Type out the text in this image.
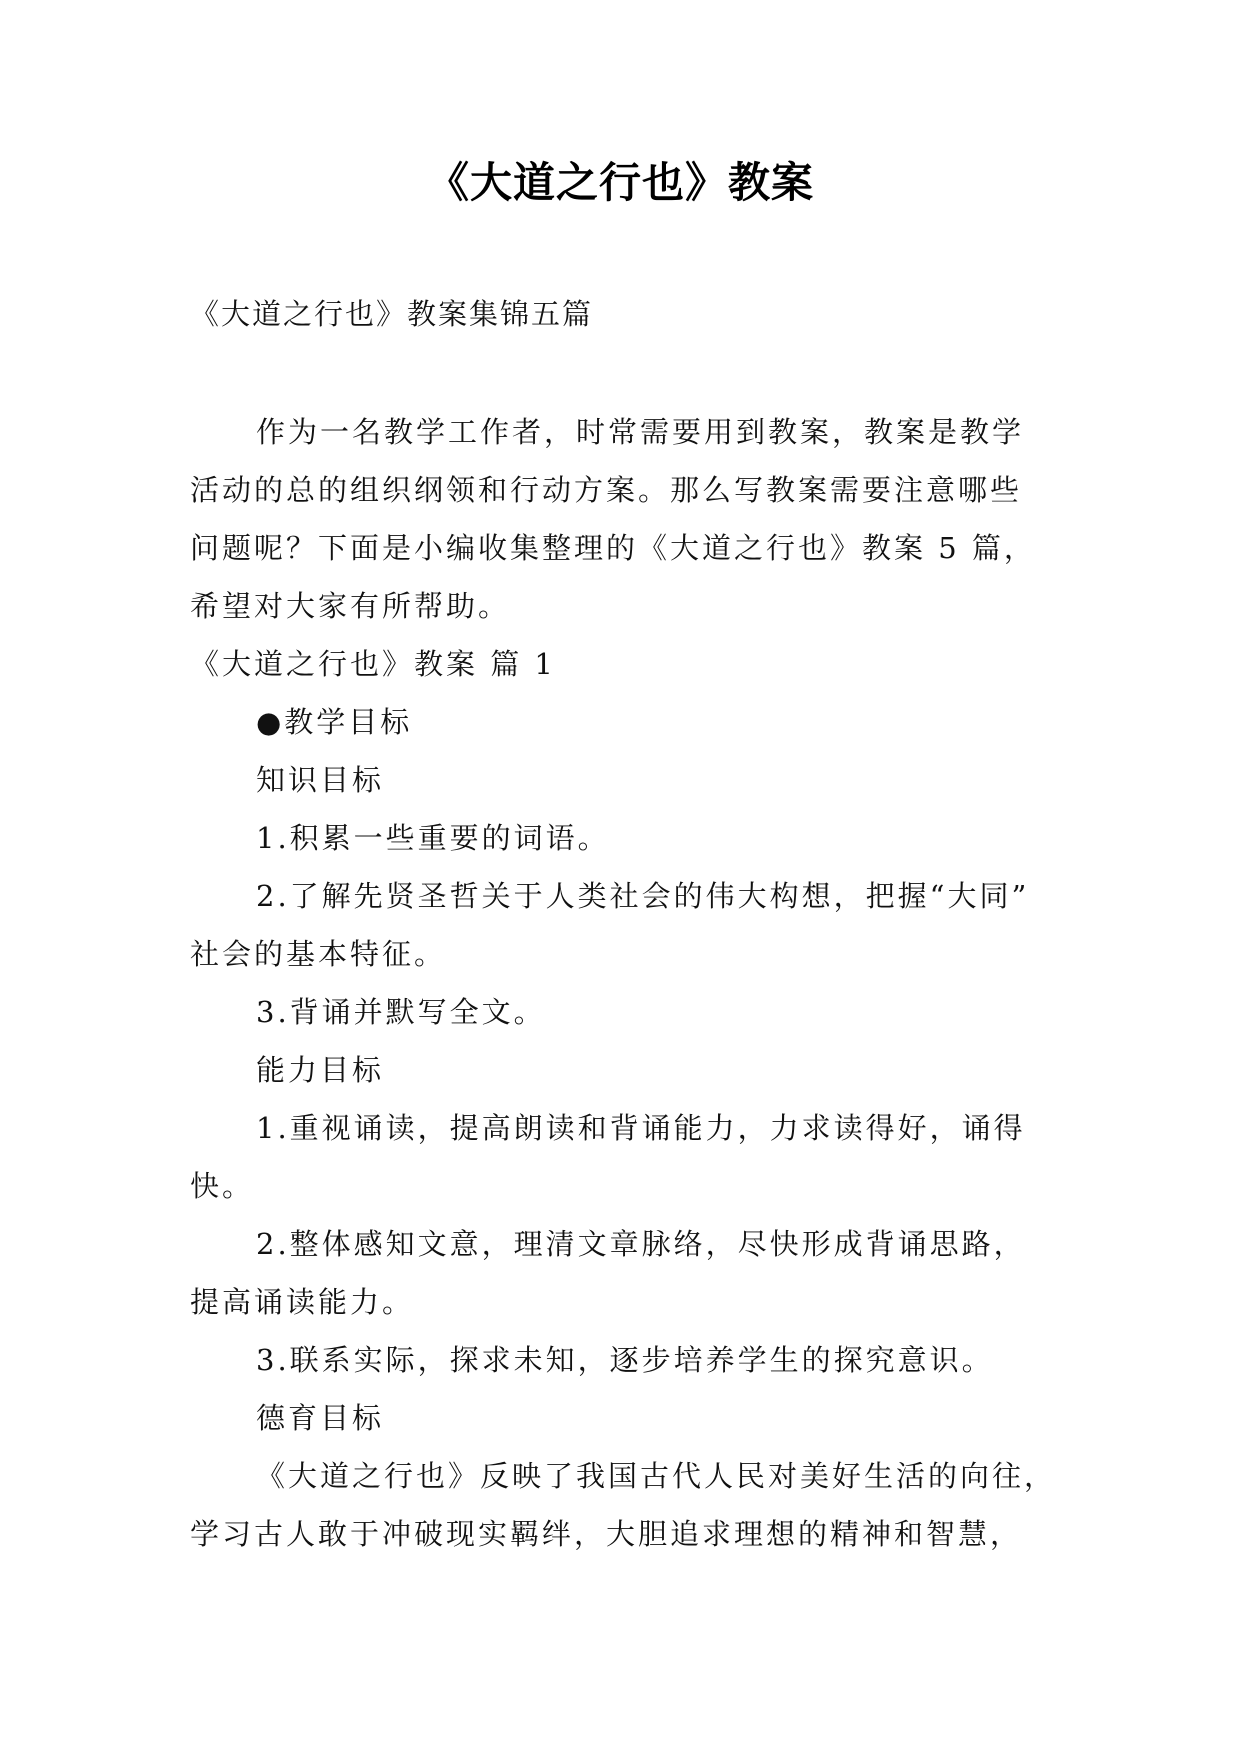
《大道之行也》教案

《大道之行也》教案集锦五篇

作为一名教学工作者，时常需要用到教案，教案是教学

活动的总的组织纲领和行动方案。那么写教案需要注意哪些

问题呢？下面是小编收集整理的《大道之行也》教案 5 篇，

希望对大家有所帮助。

《大道之行也》教案 篇 1

●教学目标

知识目标

1.积累一些重要的词语。

2.了解先贤圣哲关于人类社会的伟大构想，把握“大同”

社会的基本特征。

3.背诵并默写全文。

能力目标

1.重视诵读，提高朗读和背诵能力，力求读得好，诵得

快。

2.整体感知文意，理清文章脉络，尽快形成背诵思路，

提高诵读能力。

3.联系实际，探求未知，逐步培养学生的探究意识。

德育目标

《大道之行也》反映了我国古代人民对美好生活的向往，

学习古人敢于冲破现实羁绊，大胆追求理想的精神和智慧，
